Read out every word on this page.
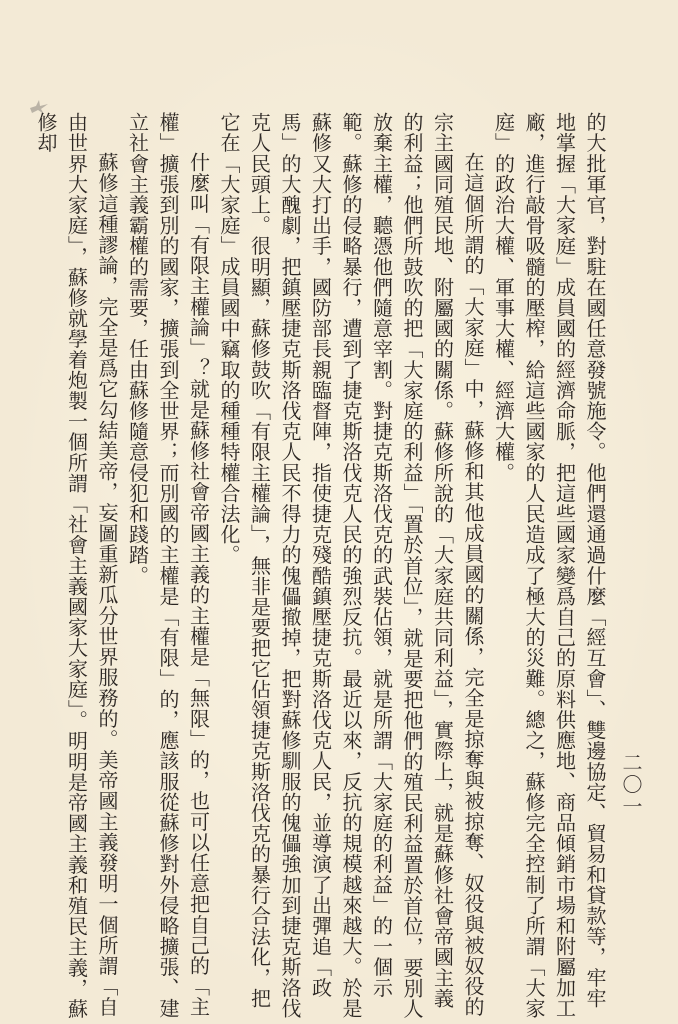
二〇一

的大批軍官，對駐在國任意發號施令。他們還通過什麼「經互會」、雙邊協定、貿易和貸款等，牢牢地掌握「大家庭」成員國的經濟命脈，把這些國家變爲自己的原料供應地、商品傾銷市場和附屬加工廠，進行敲骨吸髓的壓榨，給這些國家的人民造成了極大的災難。總之，蘇修完全控制了所謂「大家庭」的政治大權、軍事大權、經濟大權。

在這個所謂的「大家庭」中，蘇修和其他成員國的關係，完全是掠奪與被掠奪、奴役與被奴役的宗主國同殖民地、附屬國的關係。蘇修所說的「大家庭共同利益」，實際上，就是蘇修社會帝國主義的利益；他們所鼓吹的把「大家庭的利益」「置於首位」，就是要把他們的殖民利益置於首位，要別人放棄主權，聽憑他們隨意宰割。對捷克斯洛伐克的武裝佔領，就是所謂「大家庭的利益」的一個示範。蘇修的侵略暴行，遭到了捷克斯洛伐克人民的強烈反抗。最近以來，反抗的規模越來越大。於是蘇修又大打出手，國防部長親臨督陣，指使捷克殘酷鎮壓捷克斯洛伐克人民，並導演了出彈追「政馬」的大醜劇，把鎮壓捷克斯洛伐克人民不得力的傀儡撤掉，把對蘇修馴服的傀儡強加到捷克斯洛伐克人民頭上。很明顯，蘇修鼓吹「有限主權論」，無非是要把它佔領捷克斯洛伐克的暴行合法化，把它在「大家庭」成員國中竊取的種種特權合法化。

什麼叫「有限主權論」？就是蘇修社會帝國主義的主權是「無限」的，也可以任意把自己的「主權」擴張到別的國家，擴張到全世界；而別國的主權是「有限」的，應該服從蘇修對外侵略擴張、建立社會主義霸權的需要，任由蘇修隨意侵犯和踐踏。

蘇修這種謬論，完全是爲它勾結美帝，妄圖重新瓜分世界服務的。美帝國主義發明一個所謂「自由世界大家庭」，蘇修就學着炮製一個所謂「社會主義國家大家庭」。明明是帝國主義和殖民主義，蘇修却
